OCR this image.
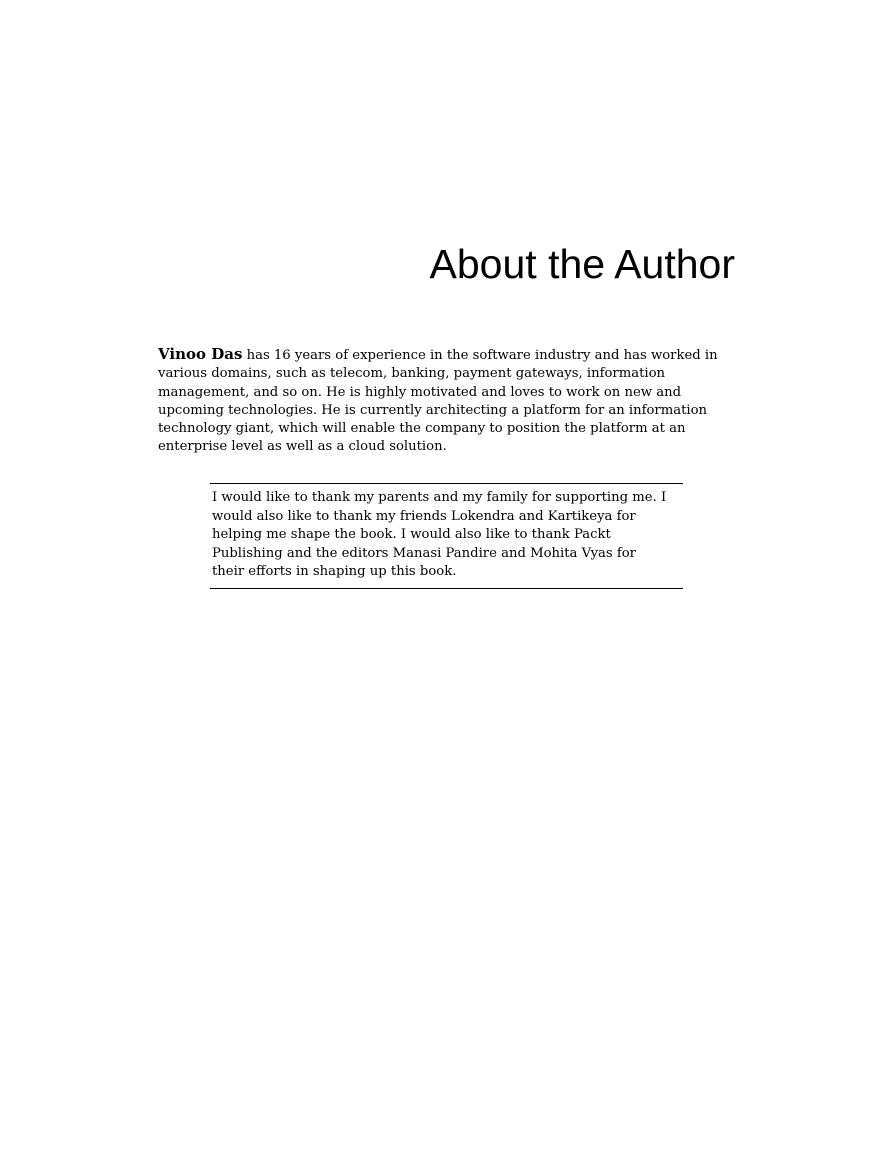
About the Author

Vinoo Das has 16 years of experience in the software industry and has worked in various domains, such as telecom, banking, payment gateways, information management, and so on. He is highly motivated and loves to work on new and upcoming technologies. He is currently architecting a platform for an information technology giant, which will enable the company to position the platform at an enterprise level as well as a cloud solution.

I would like to thank my parents and my family for supporting me. I would also like to thank my friends Lokendra and Kartikeya for helping me shape the book. I would also like to thank Packt Publishing and the editors Manasi Pandire and Mohita Vyas for their efforts in shaping up this book.
